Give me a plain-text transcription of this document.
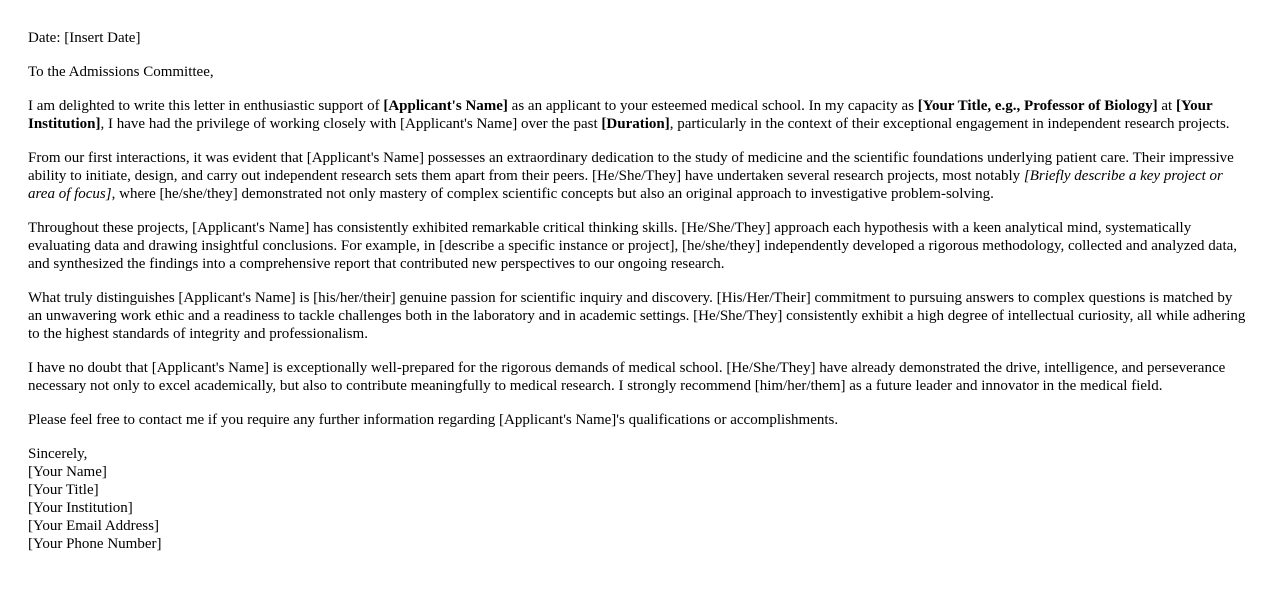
Date: [Insert Date]

To the Admissions Committee,

I am delighted to write this letter in enthusiastic support of [Applicant's Name] as an applicant to your esteemed medical school. In my capacity as [Your Title, e.g., Professor of Biology] at [Your Institution], I have had the privilege of working closely with [Applicant's Name] over the past [Duration], particularly in the context of their exceptional engagement in independent research projects.

From our first interactions, it was evident that [Applicant's Name] possesses an extraordinary dedication to the study of medicine and the scientific foundations underlying patient care. Their impressive ability to initiate, design, and carry out independent research sets them apart from their peers. [He/She/They] have undertaken several research projects, most notably [Briefly describe a key project or area of focus], where [he/she/they] demonstrated not only mastery of complex scientific concepts but also an original approach to investigative problem-solving.

Throughout these projects, [Applicant's Name] has consistently exhibited remarkable critical thinking skills. [He/She/They] approach each hypothesis with a keen analytical mind, systematically evaluating data and drawing insightful conclusions. For example, in [describe a specific instance or project], [he/she/they] independently developed a rigorous methodology, collected and analyzed data, and synthesized the findings into a comprehensive report that contributed new perspectives to our ongoing research.

What truly distinguishes [Applicant's Name] is [his/her/their] genuine passion for scientific inquiry and discovery. [His/Her/Their] commitment to pursuing answers to complex questions is matched by an unwavering work ethic and a readiness to tackle challenges both in the laboratory and in academic settings. [He/She/They] consistently exhibit a high degree of intellectual curiosity, all while adhering to the highest standards of integrity and professionalism.

I have no doubt that [Applicant's Name] is exceptionally well-prepared for the rigorous demands of medical school. [He/She/They] have already demonstrated the drive, intelligence, and perseverance necessary not only to excel academically, but also to contribute meaningfully to medical research. I strongly recommend [him/her/them] as a future leader and innovator in the medical field.

Please feel free to contact me if you require any further information regarding [Applicant's Name]'s qualifications or accomplishments.

Sincerely,
[Your Name]
[Your Title]
[Your Institution]
[Your Email Address]
[Your Phone Number]
